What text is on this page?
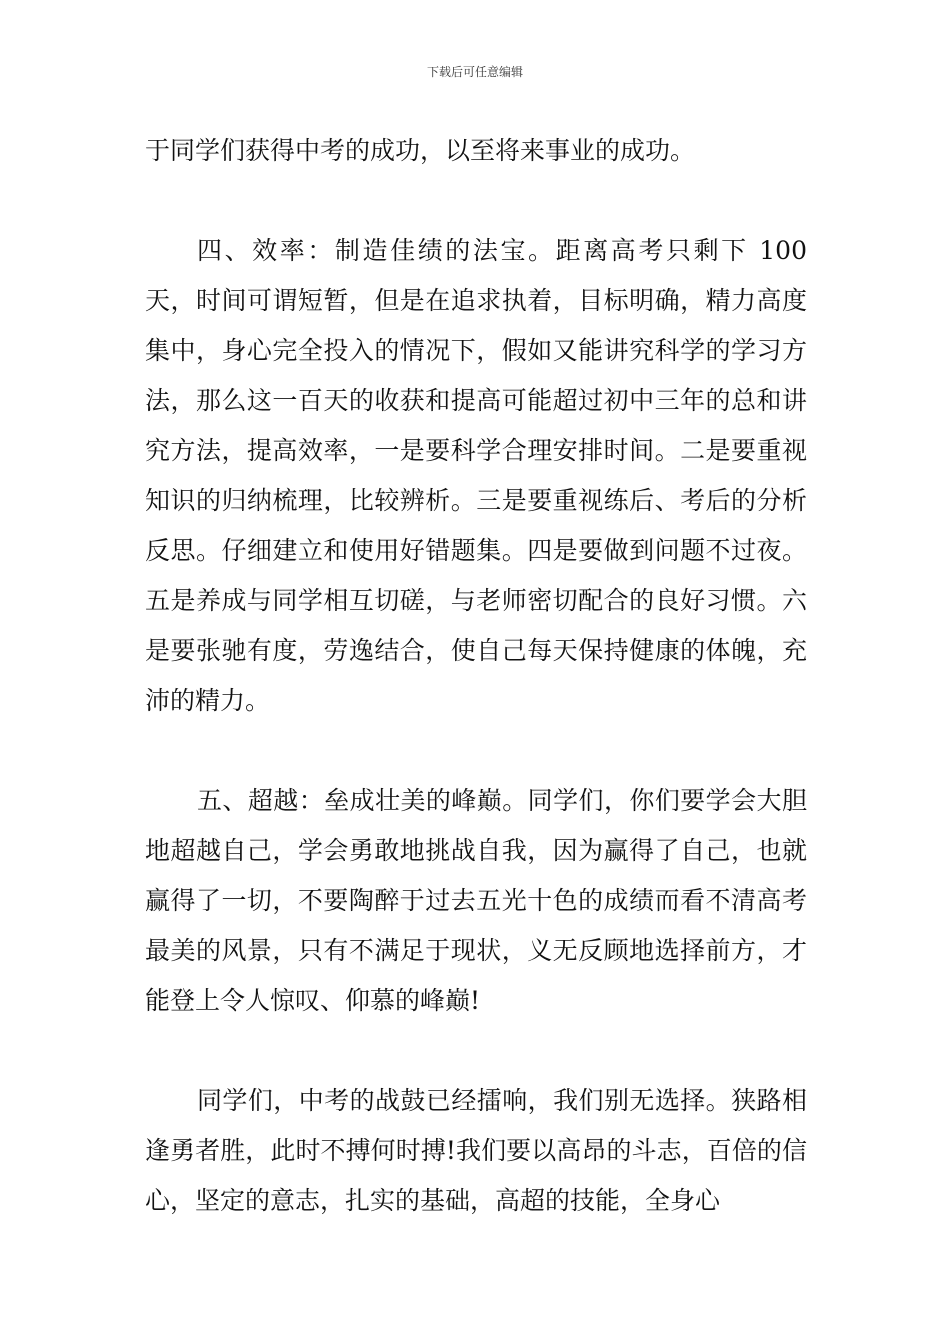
下载后可任意编辑

于同学们获得中考的成功，以至将来事业的成功。

四、效率：制造佳绩的法宝。距离高考只剩下 100 天，时间可谓短暂，但是在追求执着，目标明确，精力高度集中，身心完全投入的情况下，假如又能讲究科学的学习方法，那么这一百天的收获和提高可能超过初中三年的总和讲究方法，提高效率，一是要科学合理安排时间。二是要重视知识的归纳梳理，比较辨析。三是要重视练后、考后的分析反思。仔细建立和使用好错题集。四是要做到问题不过夜。五是养成与同学相互切磋，与老师密切配合的良好习惯。六是要张驰有度，劳逸结合，使自己每天保持健康的体魄，充沛的精力。

五、超越：垒成壮美的峰巅。同学们，你们要学会大胆地超越自己，学会勇敢地挑战自我，因为赢得了自己，也就赢得了一切，不要陶醉于过去五光十色的成绩而看不清高考最美的风景，只有不满足于现状，义无反顾地选择前方，才能登上令人惊叹、仰慕的峰巅!

同学们，中考的战鼓已经擂响，我们别无选择。狭路相逢勇者胜，此时不搏何时搏!我们要以高昂的斗志，百倍的信心，坚定的意志，扎实的基础，高超的技能，全身心
